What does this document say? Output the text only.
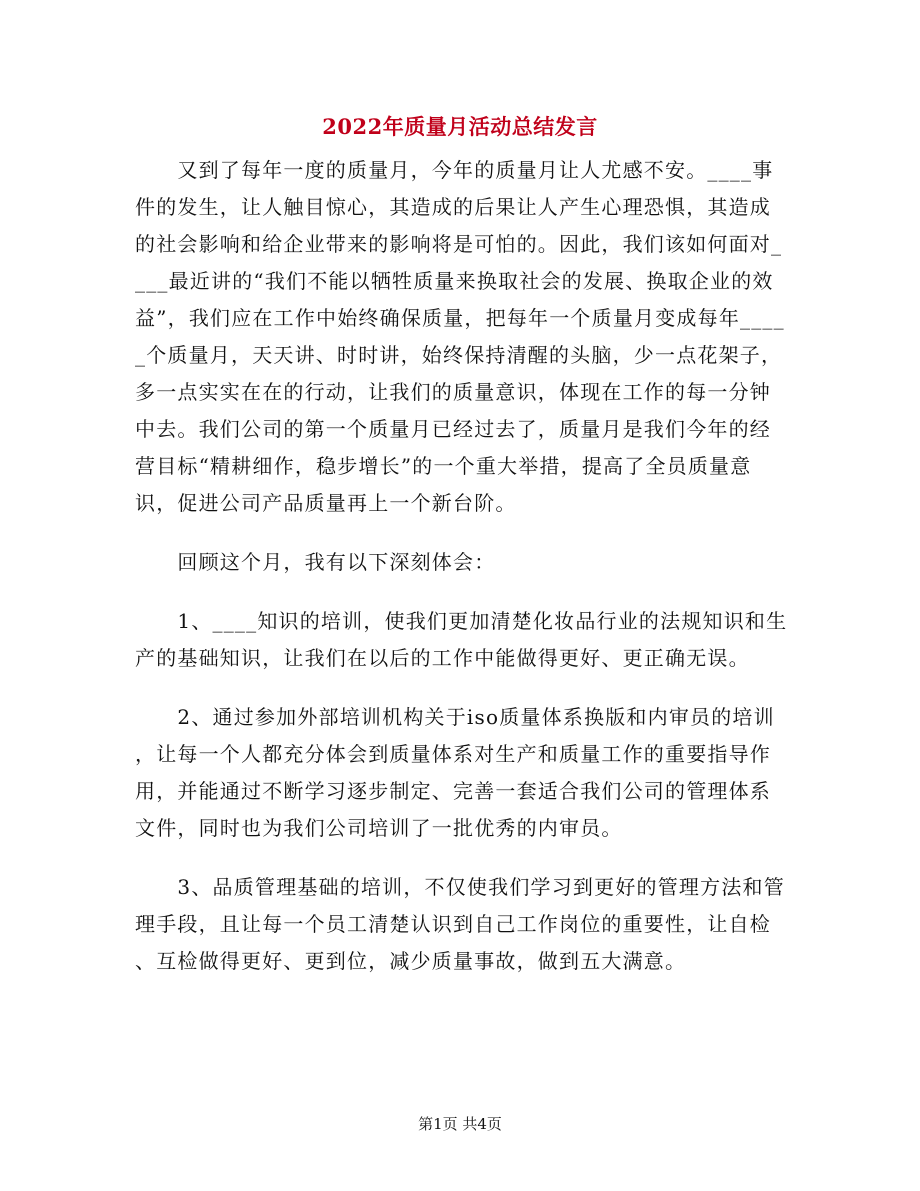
2022年质量月活动总结发言
　　又到了每年一度的质量月，今年的质量月让人尤感不安。____事
件的发生，让人触目惊心，其造成的后果让人产生心理恐惧，其造成
的社会影响和给企业带来的影响将是可怕的。因此，我们该如何面对_
___最近讲的“我们不能以牺牲质量来换取社会的发展、换取企业的效
益”，我们应在工作中始终确保质量，把每年一个质量月变成每年____
_个质量月，天天讲、时时讲，始终保持清醒的头脑，少一点花架子，
多一点实实在在的行动，让我们的质量意识，体现在工作的每一分钟
中去。我们公司的第一个质量月已经过去了，质量月是我们今年的经
营目标“精耕细作，稳步增长”的一个重大举措，提高了全员质量意
识，促进公司产品质量再上一个新台阶。
　　回顾这个月，我有以下深刻体会：
　　1、____知识的培训，使我们更加清楚化妆品行业的法规知识和生
产的基础知识，让我们在以后的工作中能做得更好、更正确无误。
　　2、通过参加外部培训机构关于iso质量体系换版和内审员的培训
，让每一个人都充分体会到质量体系对生产和质量工作的重要指导作
用，并能通过不断学习逐步制定、完善一套适合我们公司的管理体系
文件，同时也为我们公司培训了一批优秀的内审员。
　　3、品质管理基础的培训，不仅使我们学习到更好的管理方法和管
理手段，且让每一个员工清楚认识到自己工作岗位的重要性，让自检
、互检做得更好、更到位，减少质量事故，做到五大满意。
第1页 共4页
